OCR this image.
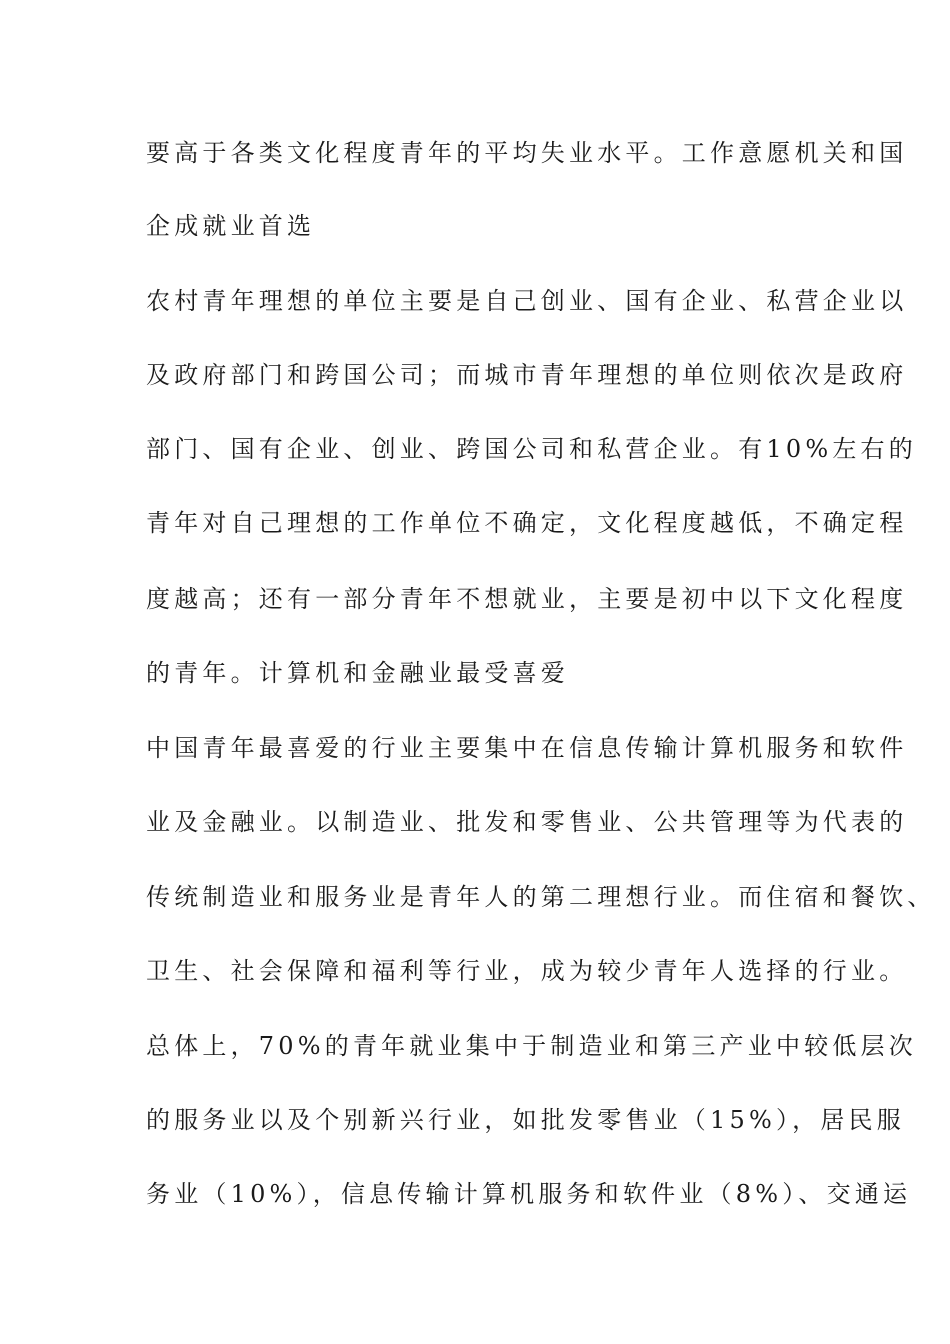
要高于各类文化程度青年的平均失业水平。工作意愿机关和国
企成就业首选
农村青年理想的单位主要是自己创业、国有企业、私营企业以
及政府部门和跨国公司；而城市青年理想的单位则依次是政府
部门、国有企业、创业、跨国公司和私营企业。有10%左右的
青年对自己理想的工作单位不确定，文化程度越低，不确定程
度越高；还有一部分青年不想就业，主要是初中以下文化程度
的青年。计算机和金融业最受喜爱
中国青年最喜爱的行业主要集中在信息传输计算机服务和软件
业及金融业。以制造业、批发和零售业、公共管理等为代表的
传统制造业和服务业是青年人的第二理想行业。而住宿和餐饮、
卫生、社会保障和福利等行业，成为较少青年人选择的行业。
总体上，70%的青年就业集中于制造业和第三产业中较低层次
的服务业以及个别新兴行业，如批发零售业（15%），居民服
务业（10%），信息传输计算机服务和软件业（8%）、交通运
